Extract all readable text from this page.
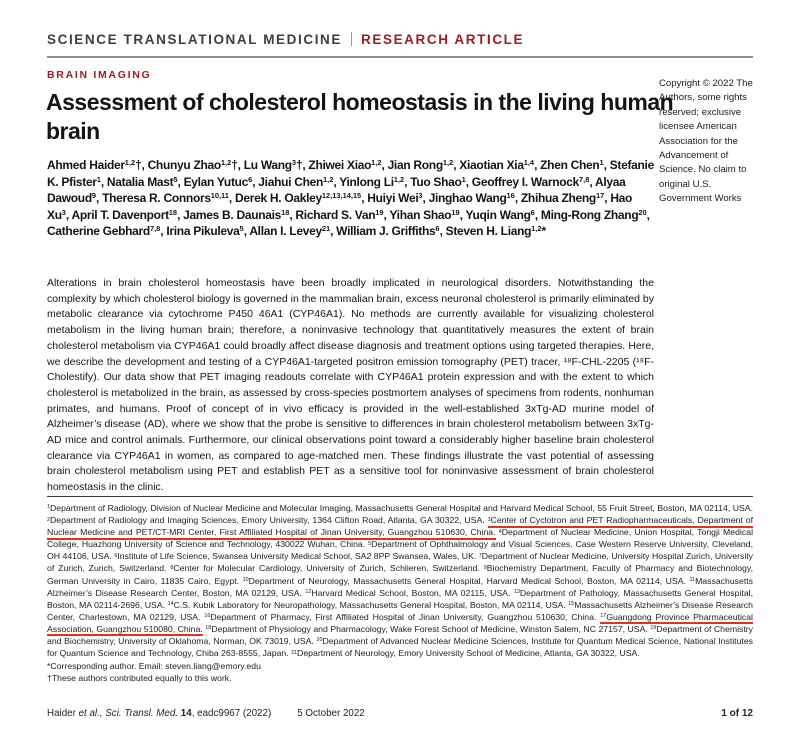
SCIENCE TRANSLATIONAL MEDICINE RESEARCH ARTICLE
BRAIN IMAGING
Copyright © 2022 The Authors, some rights reserved; exclusive licensee American Association for the Advancement of Science. No claim to original U.S. Government Works
Assessment of cholesterol homeostasis in the living human brain
Ahmed Haider$^{1,2}$†, Chunyu Zhao$^{1,2}$†, Lu Wang$^3$†, Zhiwei Xiao$^{1,2}$, Jian Rong$^{1,2}$, Xiaotian Xia$^{1,4}$, Zhen Chen$^1$, Stefanie K. Pfister$^1$, Natalia Mast$^5$, Eylan Yutuc$^6$, Jiahui Chen$^{1,2}$, Yinlong Li$^{1,2}$, Tuo Shao$^1$, Geoffrey I. Warnock$^{7,8}$, Alyaa Dawoud$^9$, Theresa R. Connors$^{10,11}$, Derek H. Oakley$^{12,13,14,15}$, Huiyi Wei$^3$, Jinghao Wang$^{16}$, Zhihua Zheng$^{17}$, Hao Xu$^3$, April T. Davenport$^{18}$, James B. Daunais$^{18}$, Richard S. Van$^{19}$, Yihan Shao$^{19}$, Yuqin Wang$^6$, Ming-Rong Zhang$^{20}$, Catherine Gebhard$^{7,8}$, Irina Pikuleva$^5$, Allan I. Levey$^{21}$, William J. Griffiths$^6$, Steven H. Liang$^{1,2}$*

Alterations in brain cholesterol homeostasis have been broadly implicated in neurological disorders. Notwithstanding the complexity by which cholesterol biology is governed in the mammalian brain, excess neuronal cholesterol is primarily eliminated by metabolic clearance via cytochrome P450 46A1 (CYP46A1). No methods are currently available for visualizing cholesterol metabolism in the living human brain; therefore, a noninvasive technology that quantitatively measures the extent of brain cholesterol metabolism via CYP46A1 could broadly affect disease diagnosis and treatment options using targeted therapies. Here, we describe the development and testing of a CYP46A1-targeted positron emission tomography (PET) tracer, ¹⁸F-CHL-2205 (¹⁸F-Cholestify). Our data show that PET imaging readouts correlate with CYP46A1 protein expression and with the extent to which cholesterol is metabolized in the brain, as assessed by cross-species postmortem analyses of specimens from rodents, nonhuman primates, and humans. Proof of concept of in vivo efficacy is provided in the well-established 3xTg-AD murine model of Alzheimer’s disease (AD), where we show that the probe is sensitive to differences in brain cholesterol metabolism between 3xTg-AD mice and control animals. Furthermore, our clinical observations point toward a considerably higher baseline brain cholesterol clearance via CYP46A1 in women, as compared to age-matched men. These findings illustrate the vast potential of assessing brain cholesterol metabolism using PET and establish PET as a sensitive tool for noninvasive assessment of brain cholesterol homeostasis in the clinic.

$^1$Department of Radiology, Division of Nuclear Medicine and Molecular Imaging, Massachusetts General Hospital and Harvard Medical School, 55 Fruit Street, Boston, MA 02114, USA. $^2$Department of Radiology and Imaging Sciences, Emory University, 1364 Clifton Road, Atlanta, GA 30322, USA. $^3$Center of Cyclotron and PET Radiopharmaceuticals, Department of Nuclear Medicine and PET/CT-MRI Center, First Affiliated Hospital of Jinan University, Guangzhou 510630, China. $^4$Department of Nuclear Medicine, Union Hospital, Tongji Medical College, Huazhong University of Science and Technology, 430022 Wuhan, China. $^5$Department of Ophthalmology and Visual Sciences, Case Western Reserve University, Cleveland, OH 44106, USA. $^6$Institute of Life Science, Swansea University Medical School, SA2 8PP Swansea, Wales, UK. $^7$Department of Nuclear Medicine, University Hospital Zurich, University of Zurich, Zurich, Switzerland. $^8$Center for Molecular Cardiology, University of Zurich, Schlieren, Switzerland. $^9$Biochemistry Department, Faculty of Pharmacy and Biotechnology, German University in Cairo, 11835 Cairo, Egypt. $^{10}$Department of Neurology, Massachusetts General Hospital, Harvard Medical School, Boston, MA 02114, USA. $^{11}$Massachusetts Alzheimer’s Disease Research Center, Boston, MA 02129, USA. $^{12}$Harvard Medical School, Boston, MA 02115, USA. $^{13}$Department of Pathology, Massachusetts General Hospital, Boston, MA 02114-2696, USA. $^{14}$C.S. Kubik Laboratory for Neuropathology, Massachusetts General Hospital, Boston, MA 02114, USA. $^{15}$Massachusetts Alzheimer’s Disease Research Center, Charlestown, MA 02129, USA. $^{16}$Department of Pharmacy, First Affiliated Hospital of Jinan University, Guangzhou 510630, China. $^{17}$Guangdong Province Pharmaceutical Association, Guangzhou 510080, China. $^{18}$Department of Physiology and Pharmacology, Wake Forest School of Medicine, Winston Salem, NC 27157, USA. $^{19}$Department of Chemistry and Biochemistry, University of Oklahoma, Norman, OK 73019, USA. $^{20}$Department of Advanced Nuclear Medicine Sciences, Institute for Quantum Medical Science, National Institutes for Quantum Science and Technology, Chiba 263-8555, Japan. $^{21}$Department of Neurology, Emory University School of Medicine, Atlanta, GA 30322, USA.
*Corresponding author. Email: steven.liang@emory.edu
†These authors contributed equally to this work.
Haider et al., Sci. Transl. Med. 14, eadc9967 (2022)	5 October 2022	1 of 12
